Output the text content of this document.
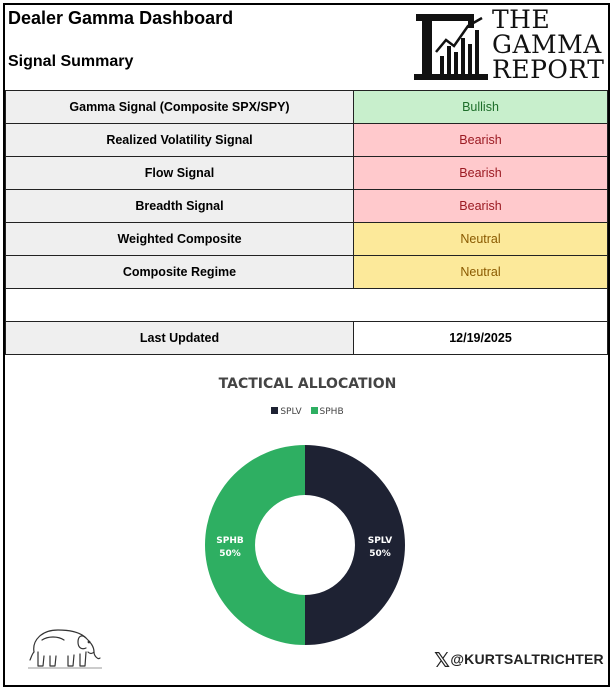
Dealer Gamma Dashboard
Signal Summary
THE
GAMMA
REPORT
Gamma Signal (Composite SPX/SPY)	Bullish
Realized Volatility Signal	Bearish
Flow Signal	Bearish
Breadth Signal	Bearish
Weighted Composite	Neutral
Composite Regime	Neutral

Last Updated	12/19/2025
TACTICAL ALLOCATION
SPLV SPHB
SPLV
50%
SPHB
50%
𝕏@KURTSALTRICHTER
